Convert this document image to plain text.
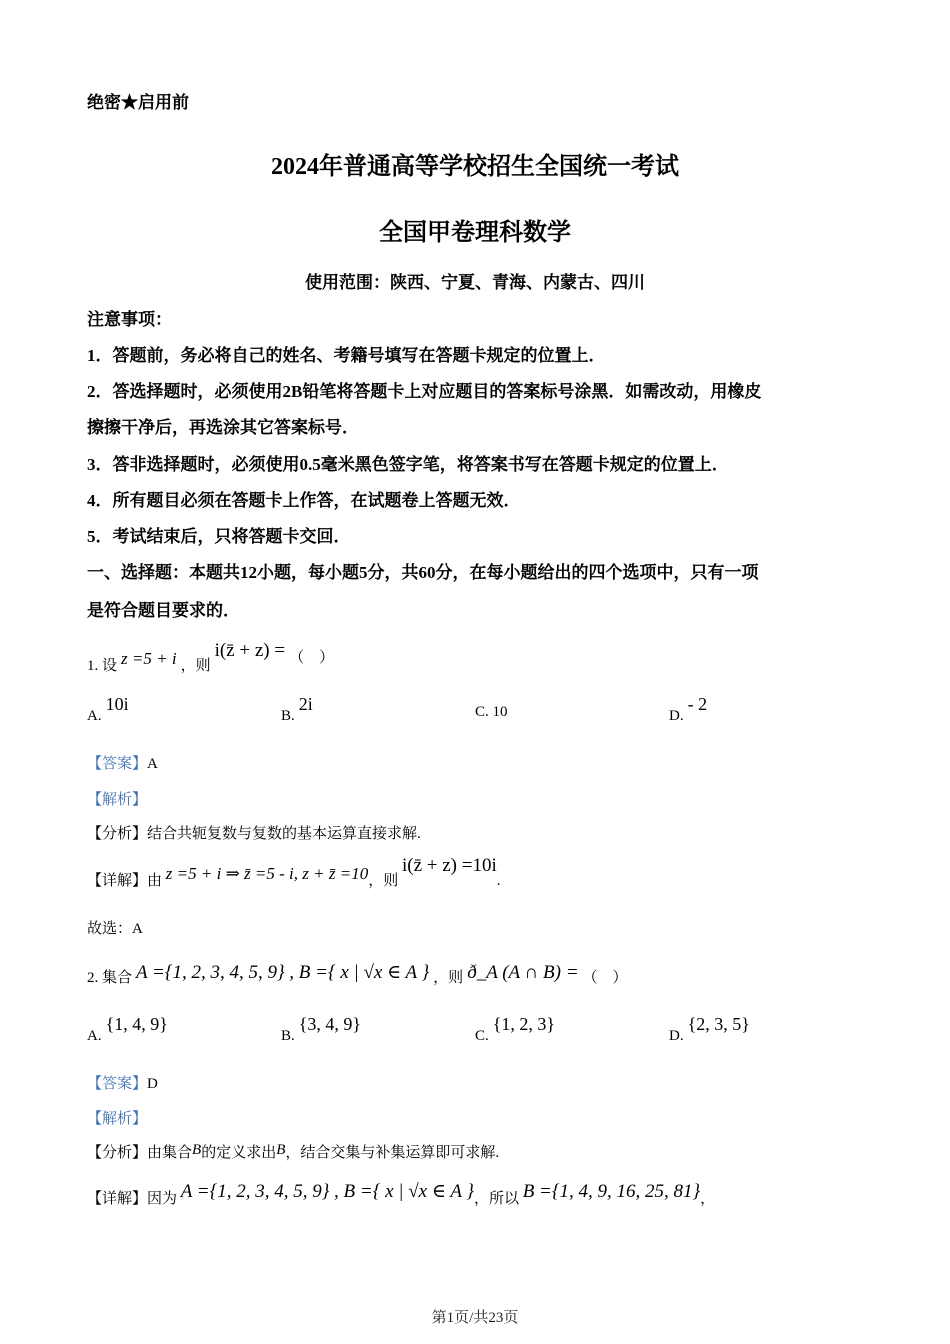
绝密★启用前
2024年普通高等学校招生全国统一考试
全国甲卷理科数学
使用范围：陕西、宁夏、青海、内蒙古、四川
注意事项：
1．答题前，务必将自己的姓名、考籍号填写在答题卡规定的位置上．
2．答选择题时，必须使用2B铅笔将答题卡上对应题目的答案标号涂黑．如需改动，用橡皮
擦擦干净后，再选涂其它答案标号．
3．答非选择题时，必须使用0.5毫米黑色签字笔，将答案书写在答题卡规定的位置上．
4．所有题目必须在答题卡上作答，在试题卷上答题无效．
5．考试结束后，只将答题卡交回．
一、选择题：本题共12小题，每小题5分，共60分，在每小题给出的四个选项中，只有一项
是符合题目要求的．
1. 设 z =5 + i ，则 i(z̄ + z) = （　）
A.10i
B.2i	C. 10	D.- 2
【答案】A
【解析】
【分析】结合共轭复数与复数的基本运算直接求解.
【详解】由 z =5 + i ⇒ z̄ =5 - i, z + z̄ =10，则 i(z̄ + z) =10i.
故选：A
2. 集合 A ={1, 2, 3, 4, 5, 9} , B ={ x | √x ∈ A } ，则 ð_A (A ∩ B) = （　）
A.{1, 4, 9}
B.{3, 4, 9}
C.{1, 2, 3}
D.{2, 3, 5}
【答案】D
【解析】
【分析】由集合B的定义求出B，结合交集与补集运算即可求解.
【详解】因为 A ={1, 2, 3, 4, 5, 9} , B ={ x | √x ∈ A }，所以 B ={1, 4, 9, 16, 25, 81}，
第1页/共23页
